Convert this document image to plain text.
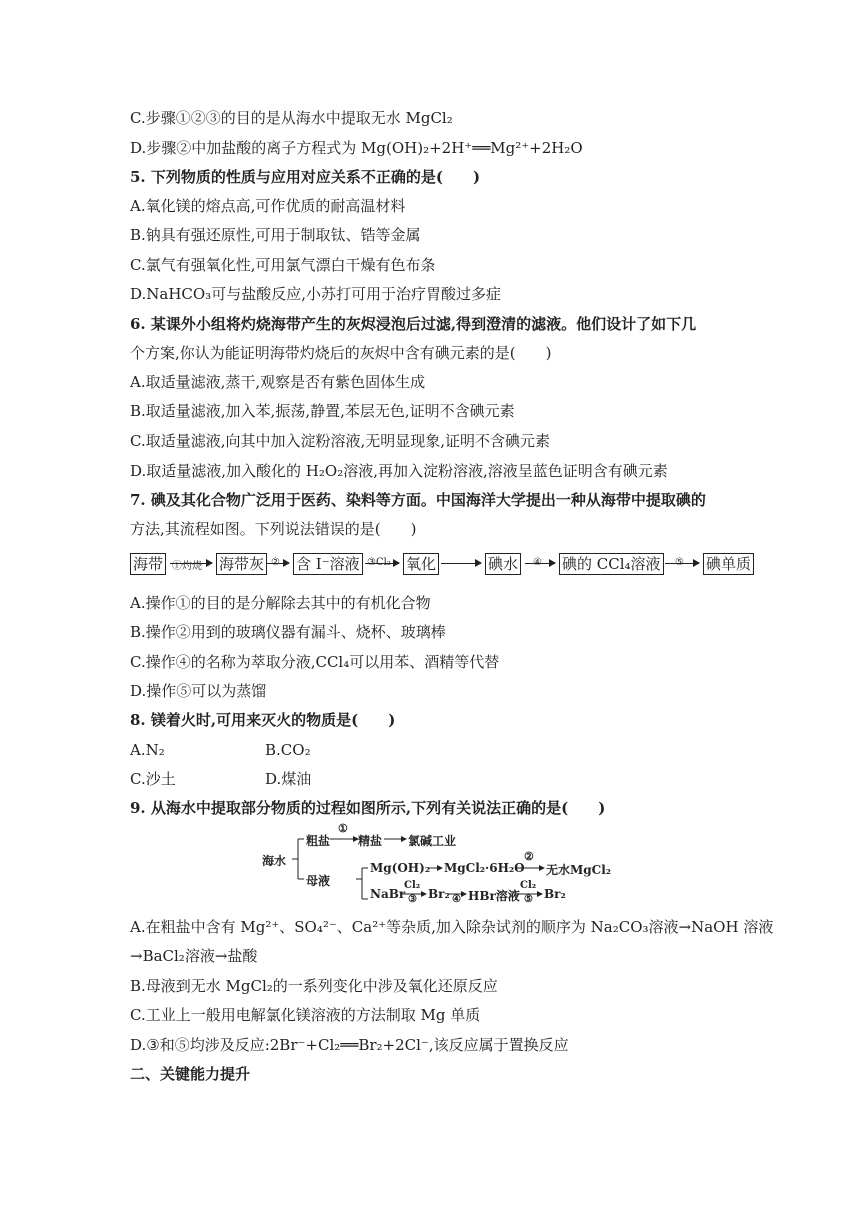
C.步骤①②③的目的是从海水中提取无水 MgCl₂
D.步骤②中加盐酸的离子方程式为 Mg(OH)₂+2H⁺══Mg²⁺+2H₂O
5. 下列物质的性质与应用对应关系不正确的是(　　)
A.氧化镁的熔点高,可作优质的耐高温材料
B.钠具有强还原性,可用于制取钛、锆等金属
C.氯气有强氧化性,可用氯气漂白干燥有色布条
D.NaHCO₃可与盐酸反应,小苏打可用于治疗胃酸过多症
6. 某课外小组将灼烧海带产生的灰烬浸泡后过滤,得到澄清的滤液。他们设计了如下几
个方案,你认为能证明海带灼烧后的灰烬中含有碘元素的是(　　)
A.取适量滤液,蒸干,观察是否有紫色固体生成
B.取适量滤液,加入苯,振荡,静置,苯层无色,证明不含碘元素
C.取适量滤液,向其中加入淀粉溶液,无明显现象,证明不含碘元素
D.取适量滤液,加入酸化的 H₂O₂溶液,再加入淀粉溶液,溶液呈蓝色证明含有碘元素
7. 碘及其化合物广泛用于医药、染料等方面。中国海洋大学提出一种从海带中提取碘的
方法,其流程如图。下列说法错误的是(　　)
海带 ①灼烧 海带灰 ② 含 I⁻溶液 ③Cl₂ 氧化	碘水	④ 碘的 CCl₄溶液	⑤ 碘单质
A.操作①的目的是分解除去其中的有机化合物
B.操作②用到的玻璃仪器有漏斗、烧杯、玻璃棒
C.操作④的名称为萃取分液,CCl₄可以用苯、酒精等代替
D.操作⑤可以为蒸馏
8. 镁着火时,可用来灭火的物质是(　　)
A.N₂	B.CO₂
C.沙土	D.煤油
9. 从海水中提取部分物质的过程如图所示,下列有关说法正确的是(　　)
海水
粗盐
①
精盐 氯碱工业
母液
Mg(OH)₂ MgCl₂·6H₂O
②
无水MgCl₂
NaBr
Cl₂
③ Br₂ ④ HBr溶液
Cl₂
⑤ Br₂
A.在粗盐中含有 Mg²⁺、SO₄²⁻、Ca²⁺等杂质,加入除杂试剂的顺序为 Na₂CO₃溶液→NaOH 溶液
→BaCl₂溶液→盐酸
B.母液到无水 MgCl₂的一系列变化中涉及氧化还原反应
C.工业上一般用电解氯化镁溶液的方法制取 Mg 单质
D.③和⑤均涉及反应:2Br⁻+Cl₂══Br₂+2Cl⁻,该反应属于置换反应
二、关键能力提升
